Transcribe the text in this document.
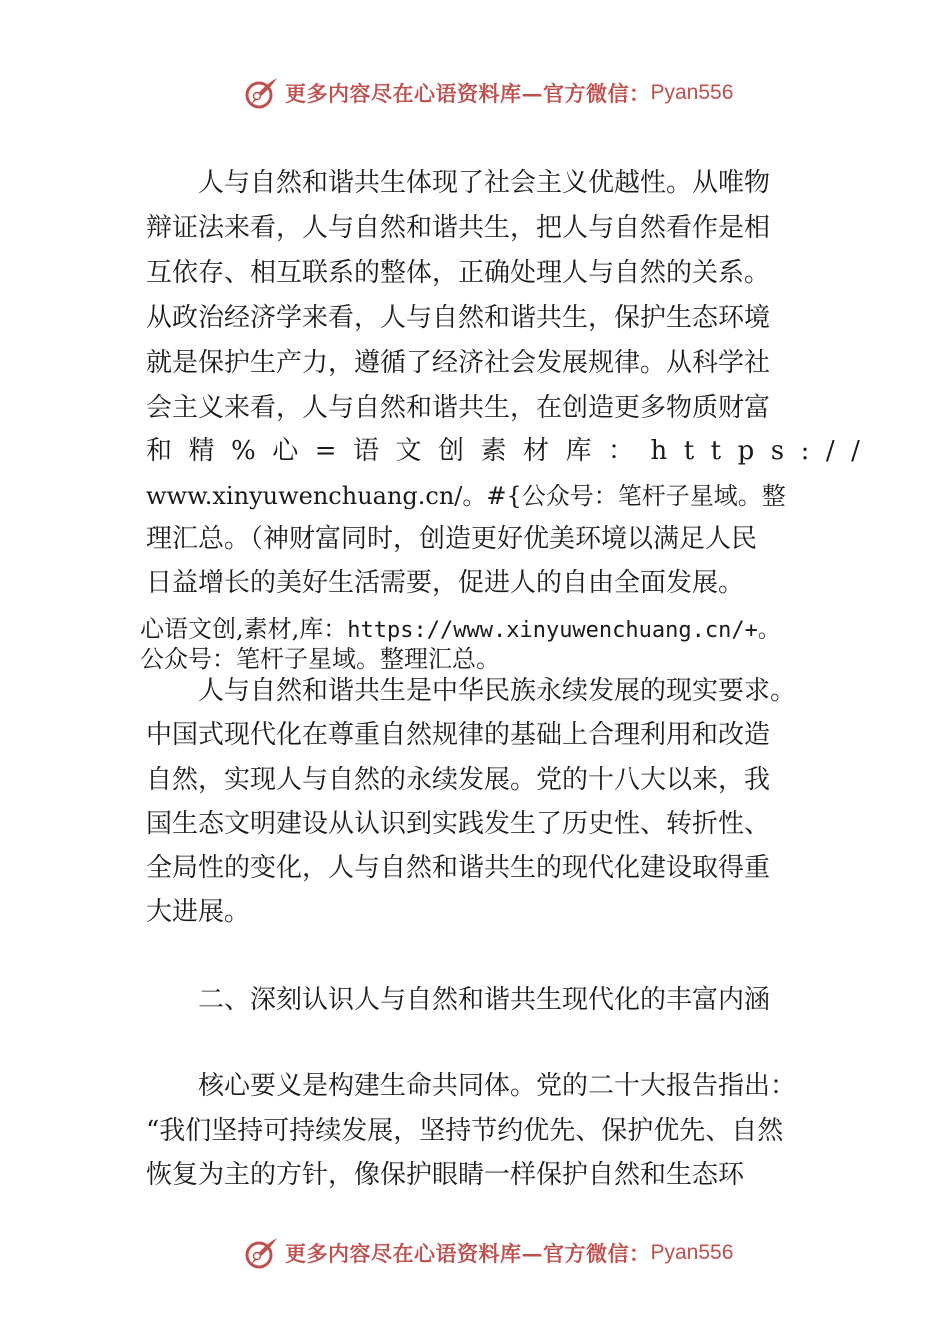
更多内容尽在心语资料库—官方微信： Pyan556
人与自然和谐共生体现了社会主义优越性。从唯物
辩证法来看，人与自然和谐共生，把人与自然看作是相
互依存、相互联系的整体，正确处理人与自然的关系。
从政治经济学来看，人与自然和谐共生，保护生态环境
就是保护生产力，遵循了经济社会发展规律。从科学社
会主义来看，人与自然和谐共生，在创造更多物质财富
和精%心=语文创素材库：https://
www.xinyuwenchuang.cn/。#{公众号：笔杆子星域。整
理汇总。（神财富同时，创造更好优美环境以满足人民
日益增长的美好生活需要，促进人的自由全面发展。
心语文创,素材,库：https://www.xinyuwenchuang.cn/+。
公众号：笔杆子星域。整理汇总。
人与自然和谐共生是中华民族永续发展的现实要求。
中国式现代化在尊重自然规律的基础上合理利用和改造
自然，实现人与自然的永续发展。党的十八大以来，我
国生态文明建设从认识到实践发生了历史性、转折性、
全局性的变化，人与自然和谐共生的现代化建设取得重
大进展。
二、深刻认识人与自然和谐共生现代化的丰富内涵
核心要义是构建生命共同体。党的二十大报告指出：
“我们坚持可持续发展，坚持节约优先、保护优先、自然
恢复为主的方针，像保护眼睛一样保护自然和生态环
更多内容尽在心语资料库—官方微信： Pyan556
